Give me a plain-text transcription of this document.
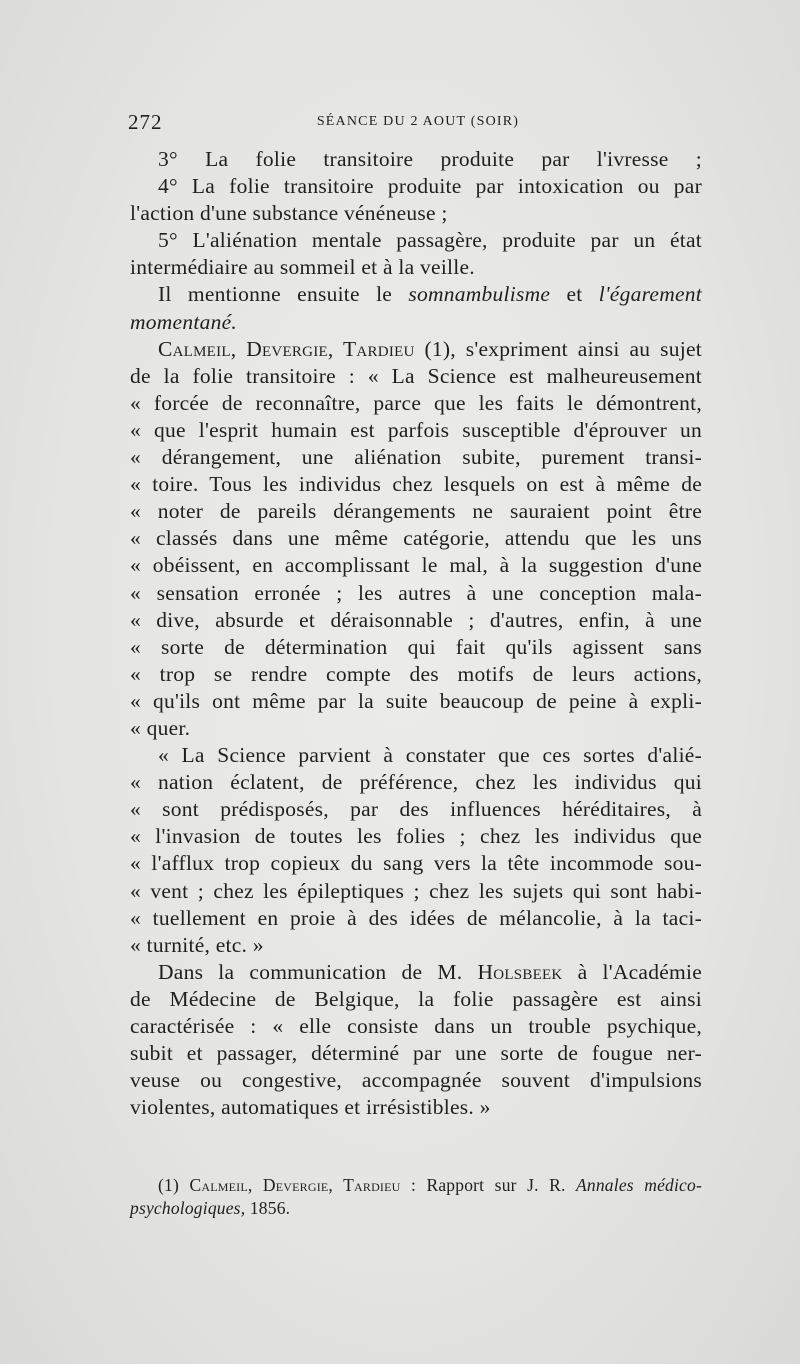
272	SÉANCE DU 2 AOUT (SOIR)
3° La folie transitoire produite par l'ivresse ;
4° La folie transitoire produite par intoxication ou par
l'action d'une substance vénéneuse ;
5° L'aliénation mentale passagère, produite par un état
intermédiaire au sommeil et à la veille.
Il mentionne ensuite le somnambulisme et l'égarement
momentané.
Calmeil, Devergie, Tardieu (1), s'expriment ainsi au sujet
de la folie transitoire : « La Science est malheureusement
« forcée de reconnaître, parce que les faits le démontrent,
« que l'esprit humain est parfois susceptible d'éprouver un
« dérangement, une aliénation subite, purement transi-
« toire. Tous les individus chez lesquels on est à même de
« noter de pareils dérangements ne sauraient point être
« classés dans une même catégorie, attendu que les uns
« obéissent, en accomplissant le mal, à la suggestion d'une
« sensation erronée ; les autres à une conception mala-
« dive, absurde et déraisonnable ; d'autres, enfin, à une
« sorte de détermination qui fait qu'ils agissent sans
« trop se rendre compte des motifs de leurs actions,
« qu'ils ont même par la suite beaucoup de peine à expli-
« quer.
« La Science parvient à constater que ces sortes d'alié-
« nation éclatent, de préférence, chez les individus qui
« sont prédisposés, par des influences héréditaires, à
« l'invasion de toutes les folies ; chez les individus que
« l'afflux trop copieux du sang vers la tête incommode sou-
« vent ; chez les épileptiques ; chez les sujets qui sont habi-
« tuellement en proie à des idées de mélancolie, à la taci-
« turnité, etc. »
Dans la communication de M. Holsbeek à l'Académie
de Médecine de Belgique, la folie passagère est ainsi
caractérisée : « elle consiste dans un trouble psychique,
subit et passager, déterminé par une sorte de fougue ner-
veuse ou congestive, accompagnée souvent d'impulsions
violentes, automatiques et irrésistibles. »
(1) Calmeil, Devergie, Tardieu : Rapport sur J. R. Annales médico-
psychologiques, 1856.
